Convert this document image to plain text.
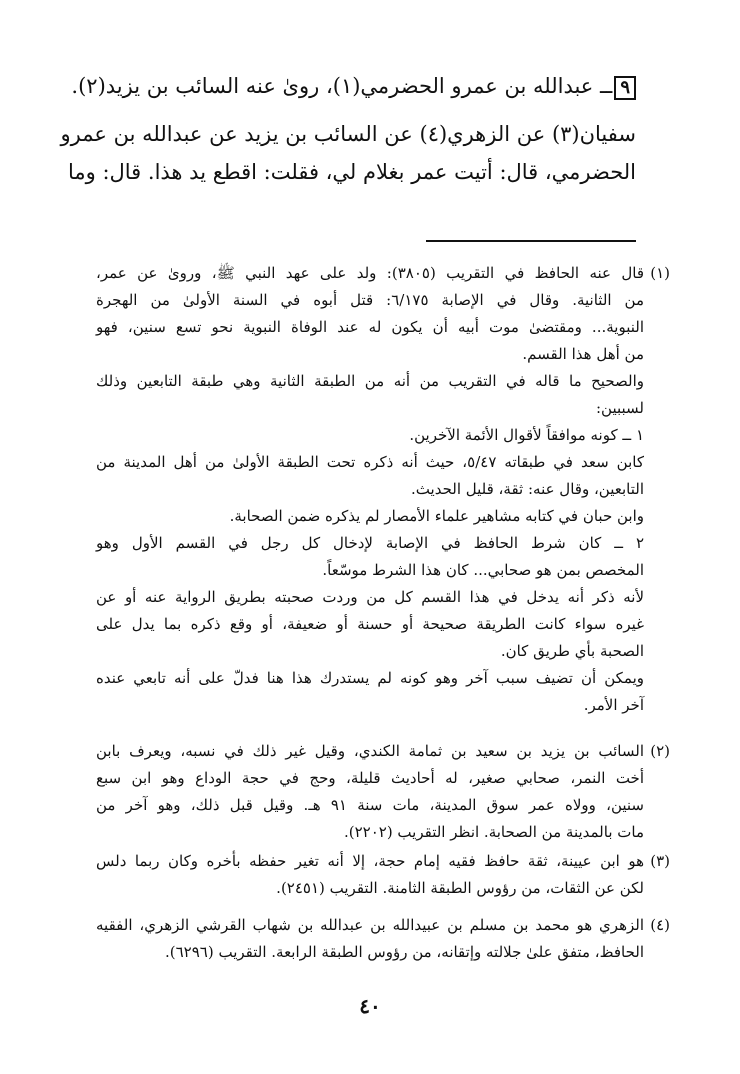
٩ــ عبدالله بن عمرو الحضرمي(١)، روىٰ عنه السائب بن يزيد(٢).
سفيان(٣) عن الزهري(٤) عن السائب بن يزيد عن عبدالله بن عمرو
الحضرمي، قال: أتيت عمر بغلام لي، فقلت: اقطع يد هذا. قال: وما
قال عنه الحافظ في التقريب (٣٨٠٥): ولد على عهد النبي ﷺ، وروىٰ عن عمر،
من الثانية. وقال في الإصابة ٦/١٧٥: قتل أبوه في السنة الأولىٰ من الهجرة
النبوية... ومقتضىٰ موت أبيه أن يكون له عند الوفاة النبوية نحو تسع سنين، فهو
من أهل هذا القسم.
والصحيح ما قاله في التقريب من أنه من الطبقة الثانية وهي طبقة التابعين وذلك
لسببين:
١ ــ كونه موافقاً لأقوال الأئمة الآخرين.
كابن سعد في طبقاته ٥/٤٧، حيث أنه ذكره تحت الطبقة الأولىٰ من أهل المدينة من
التابعين، وقال عنه: ثقة، قليل الحديث.
وابن حبان في كتابه مشاهير علماء الأمصار لم يذكره ضمن الصحابة.
٢ ــ كان شرط الحافظ في الإصابة لإدخال كل رجل في القسم الأول وهو
المخصص بمن هو صحابي... كان هذا الشرط موسّعاً.
لأنه ذكر أنه يدخل في هذا القسم كل من وردت صحبته بطريق الرواية عنه أو عن
غيره سواء كانت الطريقة صحيحة أو حسنة أو ضعيفة، أو وقع ذكره بما يدل على
الصحبة بأي طريق كان.
ويمكن أن تضيف سبب آخر وهو كونه لم يستدرك هذا هنا فدلّ على أنه تابعي عنده
آخر الأمر.
السائب بن يزيد بن سعيد بن ثمامة الكندي، وقيل غير ذلك في نسبه، ويعرف بابن
أخت النمر، صحابي صغير، له أحاديث قليلة، وحج في حجة الوداع وهو ابن سبع
سنين، وولاه عمر سوق المدينة، مات سنة ٩١ هـ. وقيل قبل ذلك، وهو آخر من
مات بالمدينة من الصحابة. انظر التقريب (٢٢٠٢).
هو ابن عيينة، ثقة حافظ فقيه إمام حجة، إلا أنه تغير حفظه بأخره وكان ربما دلس
لكن عن الثقات، من رؤوس الطبقة الثامنة. التقريب (٢٤٥١).
الزهري هو محمد بن مسلم بن عبيدالله بن عبدالله بن شهاب القرشي الزهري، الفقيه
الحافظ، متفق علىٰ جلالته وإتقانه، من رؤوس الطبقة الرابعة. التقريب (٦٢٩٦).
(١)
(٢)
(٣)
(٤)
٤٠
